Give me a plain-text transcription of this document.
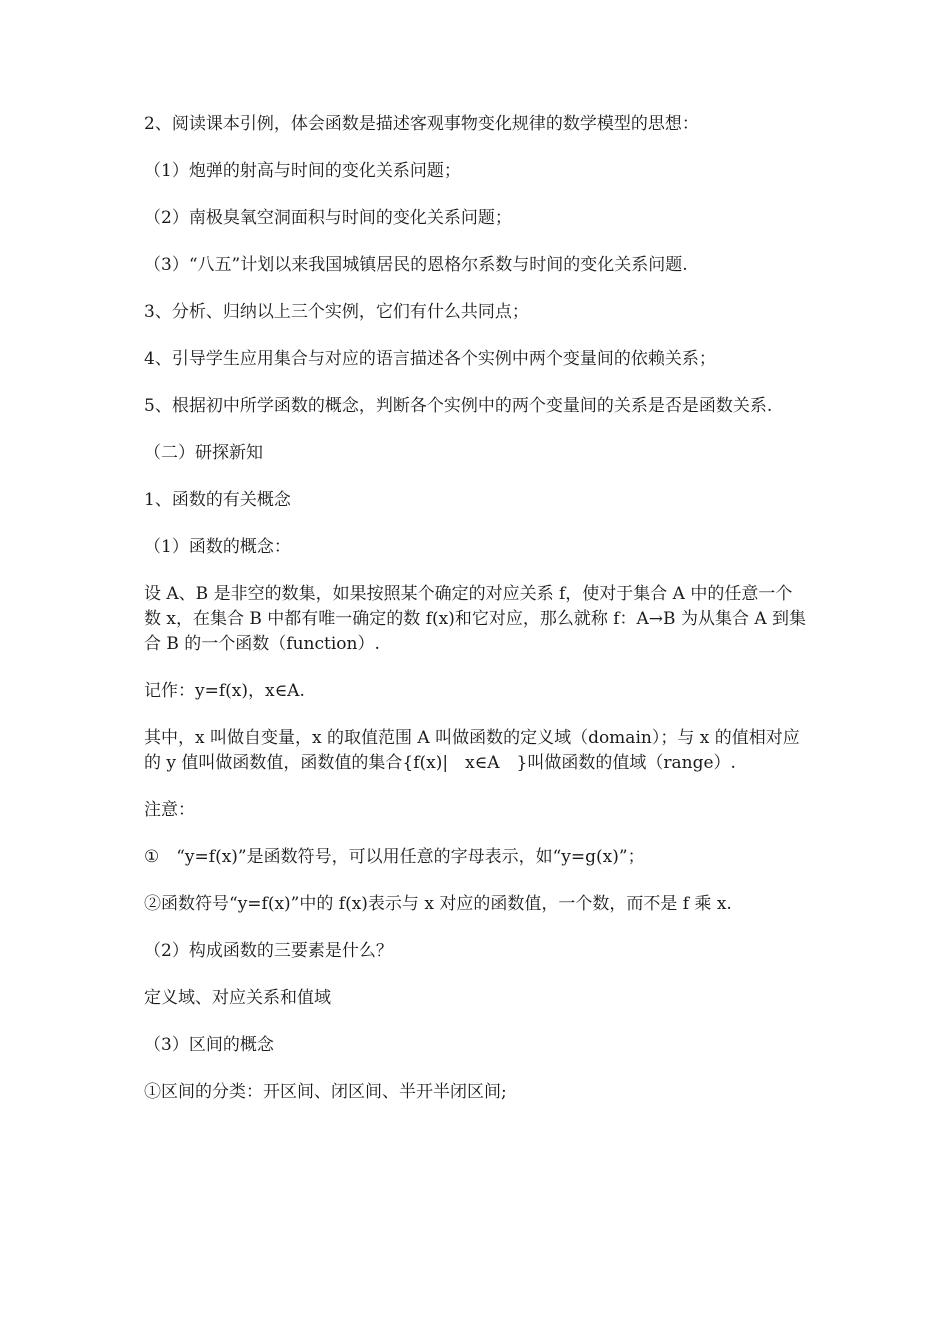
2、阅读课本引例，体会函数是描述客观事物变化规律的数学模型的思想：

（1）炮弹的射高与时间的变化关系问题；

（2）南极臭氧空洞面积与时间的变化关系问题；

（3）“八五”计划以来我国城镇居民的恩格尔系数与时间的变化关系问题.

3、分析、归纳以上三个实例，它们有什么共同点；

4、引导学生应用集合与对应的语言描述各个实例中两个变量间的依赖关系；

5、根据初中所学函数的概念，判断各个实例中的两个变量间的关系是否是函数关系.

（二）研探新知

1、函数的有关概念

（1）函数的概念：

设 A、B 是非空的数集，如果按照某个确定的对应关系 f，使对于集合 A 中的任意一个数 x，在集合 B 中都有唯一确定的数 f(x)和它对应，那么就称 f：A→B 为从集合 A 到集合 B 的一个函数（function）.

记作：y=f(x)，x∈A.

其中，x 叫做自变量，x 的取值范围 A 叫做函数的定义域（domain）；与 x 的值相对应的 y 值叫做函数值，函数值的集合{f(x)|　x∈A　}叫做函数的值域（range）.

注意：

①　“y=f(x)”是函数符号，可以用任意的字母表示，如“y=g(x)”；

②函数符号“y=f(x)”中的 f(x)表示与 x 对应的函数值，一个数，而不是 f 乘 x.

（2）构成函数的三要素是什么？

定义域、对应关系和值域

（3）区间的概念

①区间的分类：开区间、闭区间、半开半闭区间;
